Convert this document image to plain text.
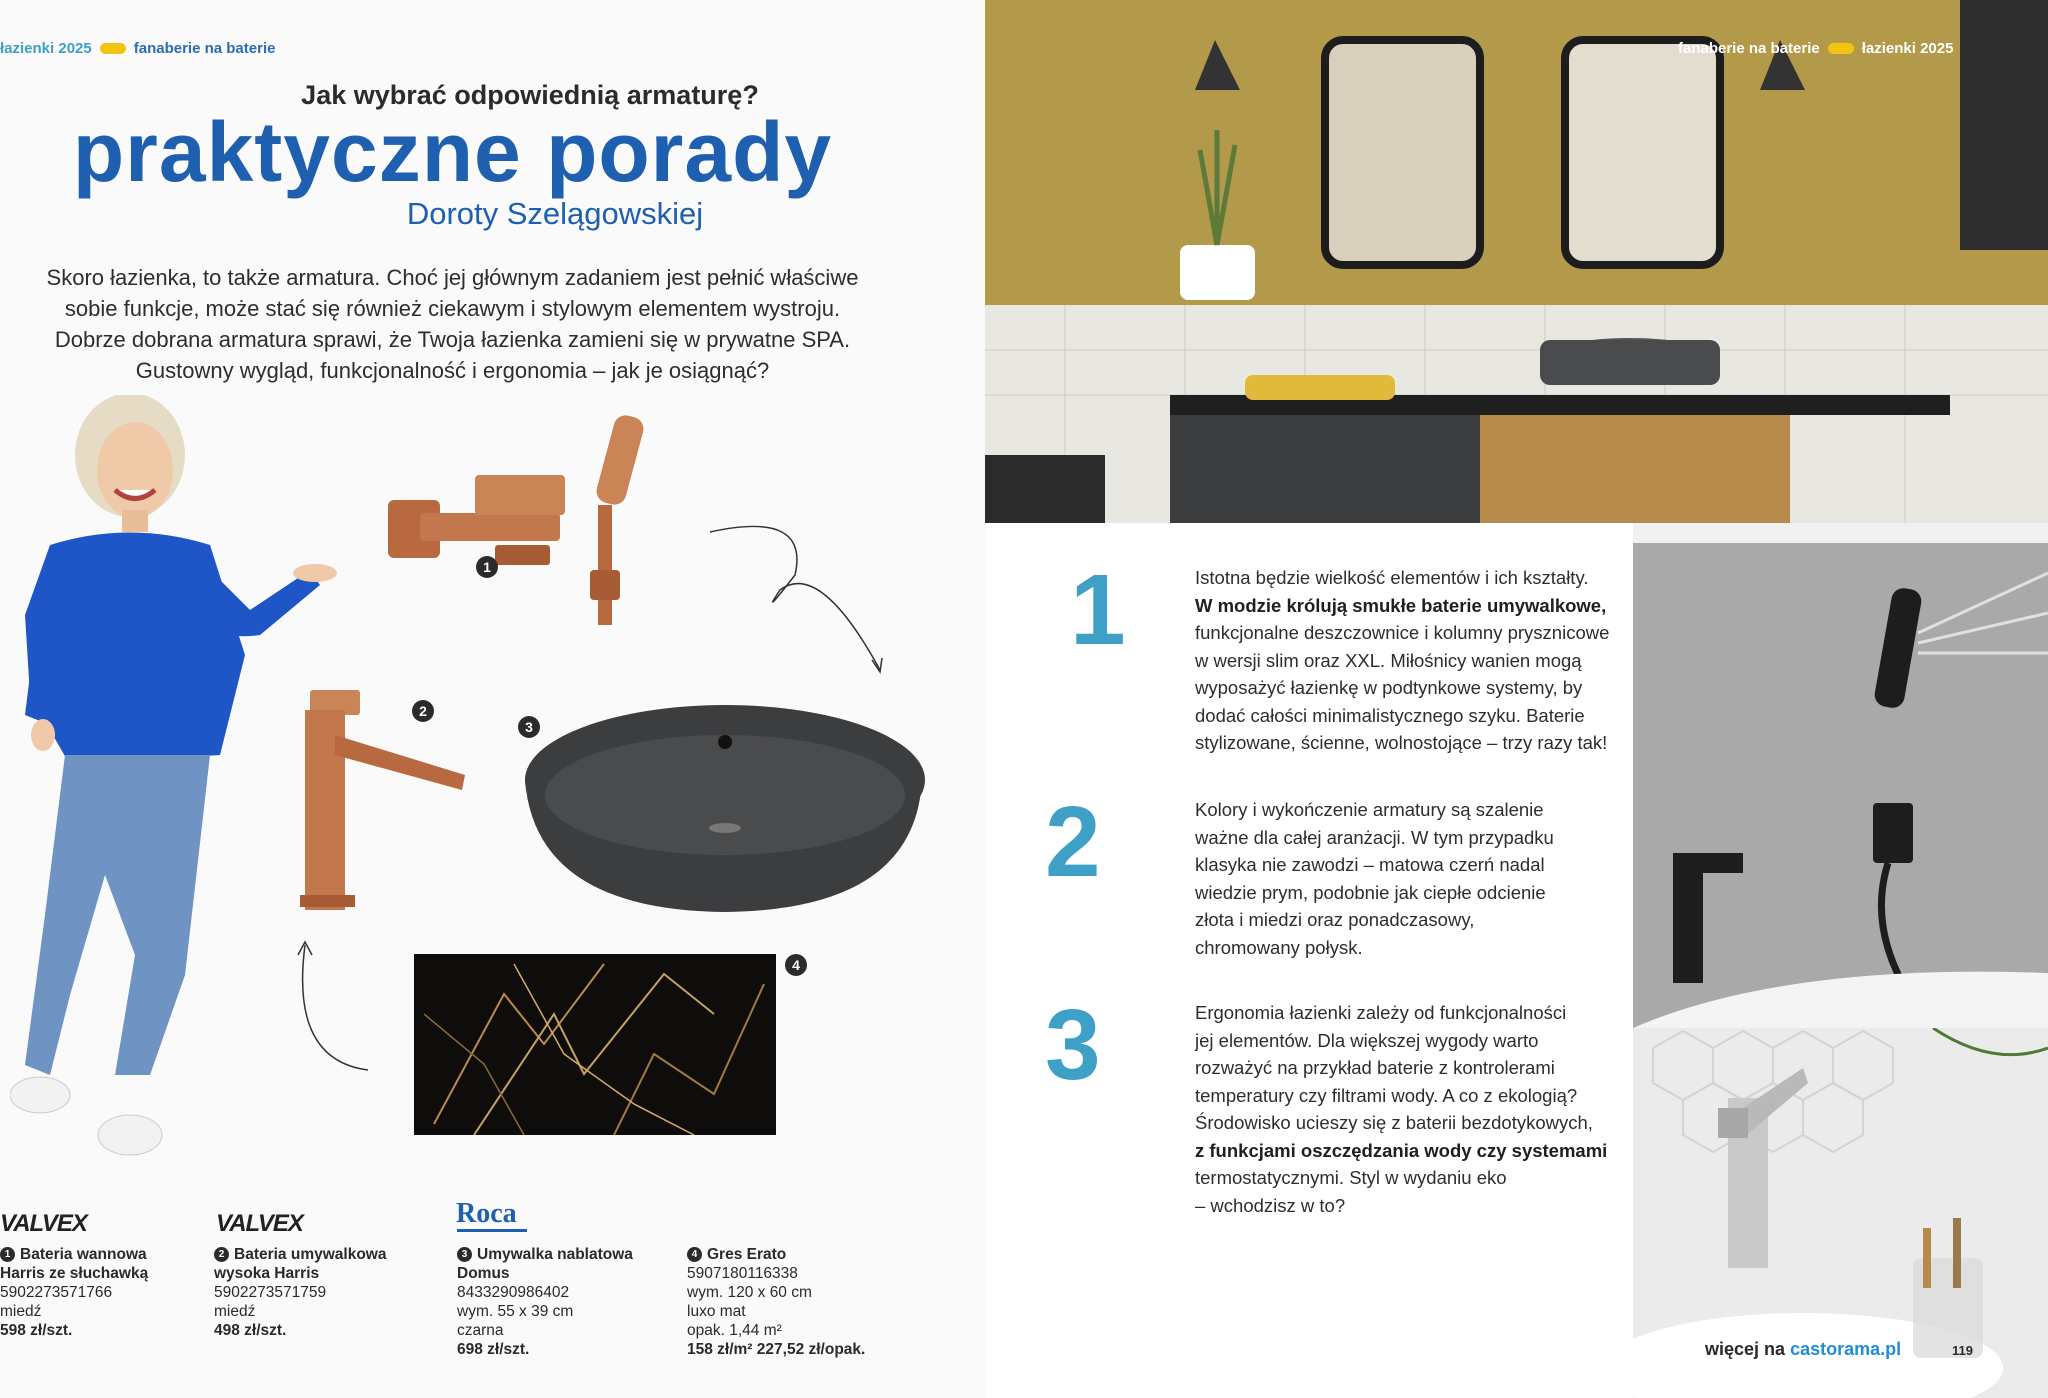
łazienki 2025	fanaberie na baterie
Jak wybrać odpowiednią armaturę?
praktyczne porady
Doroty Szelągowskiej

Skoro łazienka, to także armatura. Choć jej głównym zadaniem jest pełnić właściwe

sobie funkcje, może stać się również ciekawym i stylowym elementem wystroju.

Dobrze dobrana armatura sprawi, że Twoja łazienka zamieni się w prywatne SPA.

Gustowny wygląd, funkcjonalność i ergonomia – jak je osiągnąć?

1
2
3
4
VALVEX	VALVEX	Roca
1 Bateria wannowa
Harris ze słuchawką
5902273571766
miedź
598 zł/szt.
2 Bateria umywalkowa
wysoka Harris
5902273571759
miedź
498 zł/szt.
3 Umywalka nablatowa
Domus
8433290986402
wym. 55 x 39 cm
czarna
698 zł/szt.
4 Gres Erato
5907180116338
wym. 120 x 60 cm
luxo mat
opak. 1,44 m²
158 zł/m² 227,52 zł/opak.
fanaberie na baterie	łazienki 2025
1	Istotna będzie wielkość elementów i ich kształty.
W modzie królują smukłe baterie umywalkowe,
funkcjonalne deszczownice i kolumny prysznicowe
w wersji slim oraz XXL. Miłośnicy wanien mogą
wyposażyć łazienkę w podtynkowe systemy, by
dodać całości minimalistycznego szyku. Baterie
stylizowane, ścienne, wolnostojące – trzy razy tak!
2	Kolory i wykończenie armatury są szalenie
ważne dla całej aranżacji. W tym przypadku
klasyka nie zawodzi – matowa czerń nadal
wiedzie prym, podobnie jak ciepłe odcienie
złota i miedzi oraz ponadczasowy,
chromowany połysk.
3	Ergonomia łazienki zależy od funkcjonalności
jej elementów. Dla większej wygody warto
rozważyć na przykład baterie z kontrolerami
temperatury czy filtrami wody. A co z ekologią?
Środowisko ucieszy się z baterii bezdotykowych,
z funkcjami oszczędzania wody czy systemami
termostatycznymi. Styl w wydaniu eko
– wchodzisz w to?
więcej na castorama.pl	119
